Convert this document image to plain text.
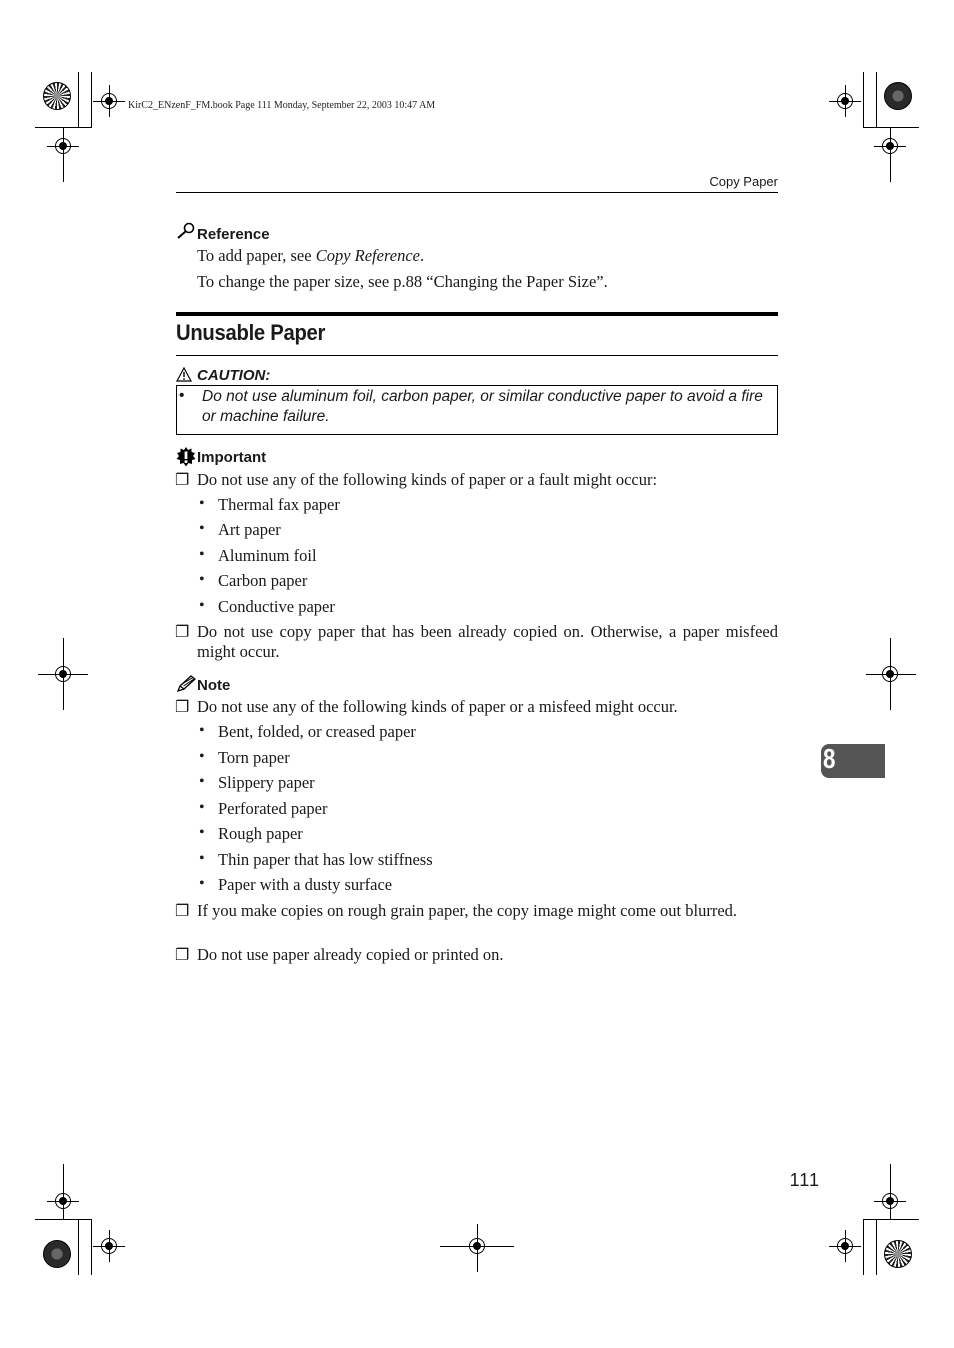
KirC2_ENzenF_FM.book Page 111 Monday, September 22, 2003 10:47 AM
Copy Paper
Reference
To add paper, see Copy Reference.
To change the paper size, see p.88 “Changing the Paper Size”.
Unusable Paper
CAUTION:
• Do not use aluminum foil, carbon paper, or similar conductive paper to avoid a fire or machine failure.
Important
❐ Do not use any of the following kinds of paper or a fault might occur:
• Thermal fax paper
• Art paper
• Aluminum foil
• Carbon paper
• Conductive paper
❐ Do not use copy paper that has been already copied on. Otherwise, a paper misfeed might occur.
Note
❐ Do not use any of the following kinds of paper or a misfeed might occur.
• Bent, folded, or creased paper
• Torn paper
• Slippery paper
• Perforated paper
• Rough paper
• Thin paper that has low stiffness
• Paper with a dusty surface
❐ If you make copies on rough grain paper, the copy image might come out blurred.
❐ Do not use paper already copied or printed on.
8
111
